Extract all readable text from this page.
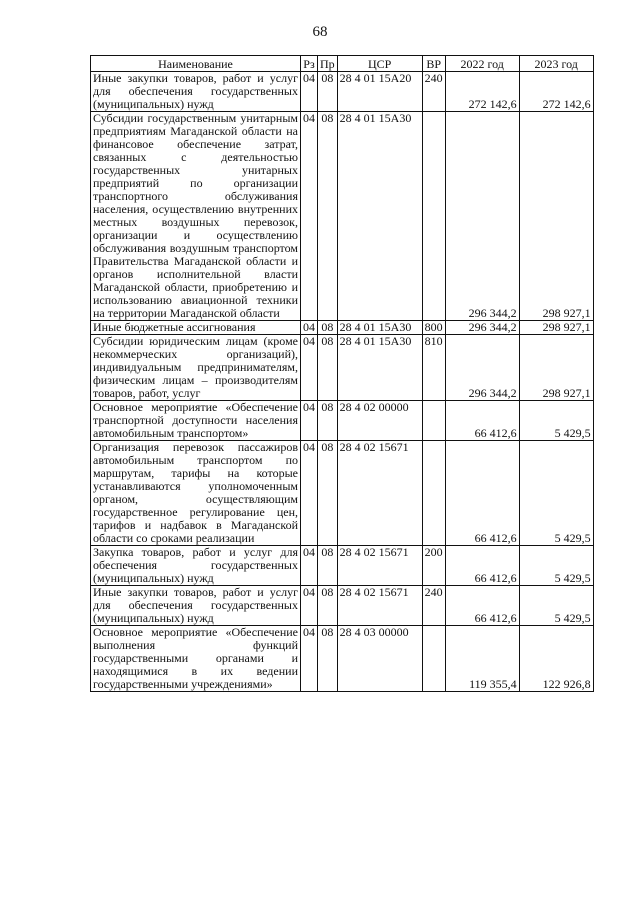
68
Наименование	Рз	Пр	ЦСР	ВР	2022 год	2023 год
Иные закупки товаров, работ и услуг для обеспечения государственных (муниципальных) нужд	04	08	28 4 01 15А20	240	272 142,6	272 142,6
Субсидии государственным унитарным предприятиям Магаданской области на финансовое обеспечение затрат, связанных с деятельностью государственных унитарных предприятий по организации транспортного обслуживания населения, осуществлению внутренних местных воздушных перевозок, организации и осуществлению обслуживания воздушным транспортом Правительства Магаданской области и органов исполнительной власти Магаданской области, приобретению и использованию авиационной техники на территории Магаданской области	04	08	28 4 01 15А30		296 344,2	298 927,1
Иные бюджетные ассигнования	04	08	28 4 01 15А30	800	296 344,2	298 927,1
Субсидии юридическим лицам (кроме некоммерческих организаций), индивидуальным предпринимателям, физическим лицам – производителям товаров, работ, услуг	04	08	28 4 01 15А30	810	296 344,2	298 927,1
Основное мероприятие «Обеспечение транспортной доступности населения автомобильным транспортом»	04	08	28 4 02 00000		66 412,6	5 429,5
Организация перевозок пассажиров автомобильным транспортом по маршрутам, тарифы на которые устанавливаются уполномоченным органом, осуществляющим государственное регулирование цен, тарифов и надбавок в Магаданской области со сроками реализации	04	08	28 4 02 15671		66 412,6	5 429,5
Закупка товаров, работ и услуг для обеспечения государственных (муниципальных) нужд	04	08	28 4 02 15671	200	66 412,6	5 429,5
Иные закупки товаров, работ и услуг для обеспечения государственных (муниципальных) нужд	04	08	28 4 02 15671	240	66 412,6	5 429,5
Основное мероприятие «Обеспечение выполнения функций государственными органами и находящимися в их ведении государственными учреждениями»	04	08	28 4 03 00000		119 355,4	122 926,8
